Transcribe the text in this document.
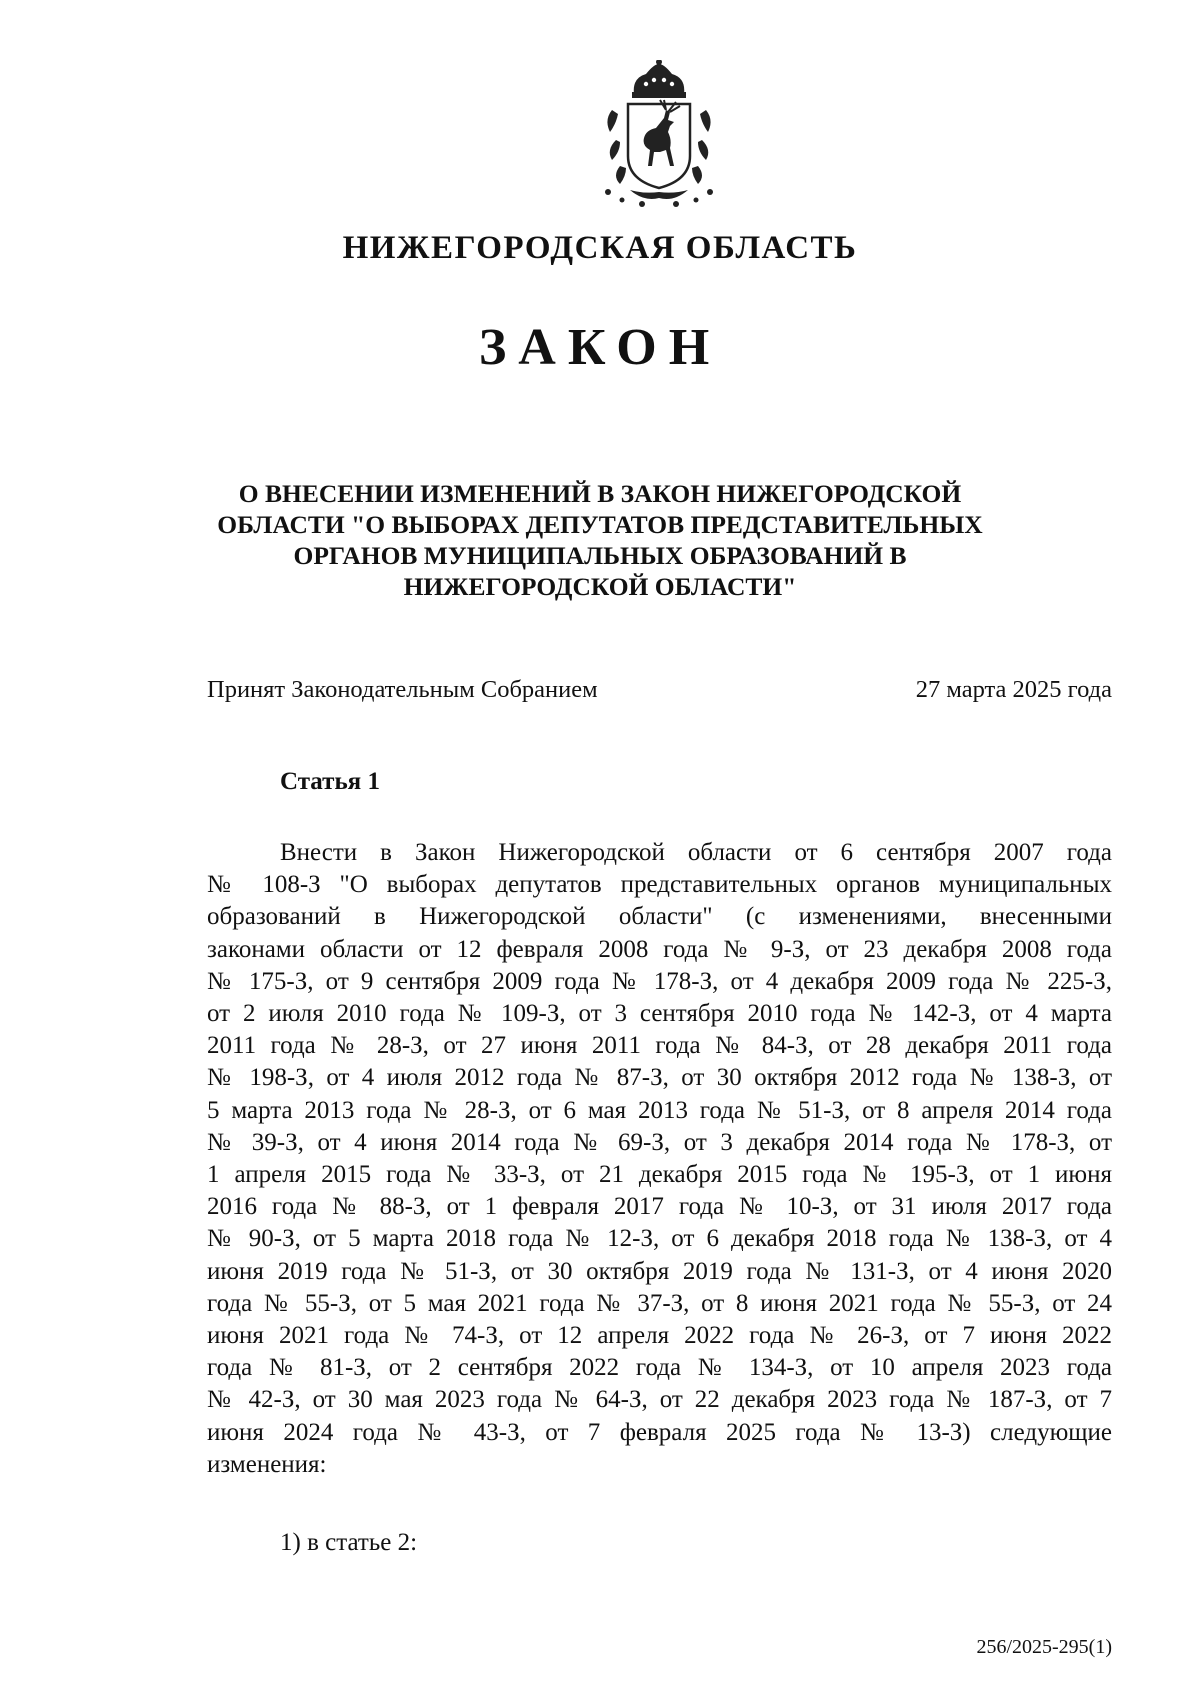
НИЖЕГОРОДСКАЯ ОБЛАСТЬ
ЗАКОН
О ВНЕСЕНИИ ИЗМЕНЕНИЙ В ЗАКОН НИЖЕГОРОДСКОЙ
ОБЛАСТИ "О ВЫБОРАХ ДЕПУТАТОВ ПРЕДСТАВИТЕЛЬНЫХ
ОРГАНОВ МУНИЦИПАЛЬНЫХ ОБРАЗОВАНИЙ В
НИЖЕГОРОДСКОЙ ОБЛАСТИ"
Принят Законодательным Собранием	27 марта 2025 года
Статья 1
Внести в Закон Нижегородской области от 6 сентября 2007 года
№ 108-З "О выборах депутатов представительных органов муниципальных
образований в Нижегородской области" (с изменениями, внесенными
законами области от 12 февраля 2008 года № 9-З, от 23 декабря 2008 года
№ 175-З, от 9 сентября 2009 года № 178-З, от 4 декабря 2009 года № 225-З,
от 2 июля 2010 года № 109-З, от 3 сентября 2010 года № 142-З, от 4 марта
2011 года № 28-З, от 27 июня 2011 года № 84-З, от 28 декабря 2011 года
№ 198-З, от 4 июля 2012 года № 87-З, от 30 октября 2012 года № 138-З, от
5 марта 2013 года № 28-З, от 6 мая 2013 года № 51-З, от 8 апреля 2014 года
№ 39-З, от 4 июня 2014 года № 69-З, от 3 декабря 2014 года № 178-З, от
1 апреля 2015 года № 33-З, от 21 декабря 2015 года № 195-З, от 1 июня
2016 года № 88-З, от 1 февраля 2017 года № 10-З, от 31 июля 2017 года
№ 90-З, от 5 марта 2018 года № 12-З, от 6 декабря 2018 года № 138-З, от 4
июня 2019 года № 51-З, от 30 октября 2019 года № 131-З, от 4 июня 2020
года № 55-З, от 5 мая 2021 года № 37-З, от 8 июня 2021 года № 55-З, от 24
июня 2021 года № 74-З, от 12 апреля 2022 года № 26-З, от 7 июня 2022
года № 81-З, от 2 сентября 2022 года № 134-З, от 10 апреля 2023 года
№ 42-З, от 30 мая 2023 года № 64-З, от 22 декабря 2023 года № 187-З, от 7
июня 2024 года № 43-З, от 7 февраля 2025 года № 13-З) следующие
изменения:
1) в статье 2:
256/2025-295(1)
